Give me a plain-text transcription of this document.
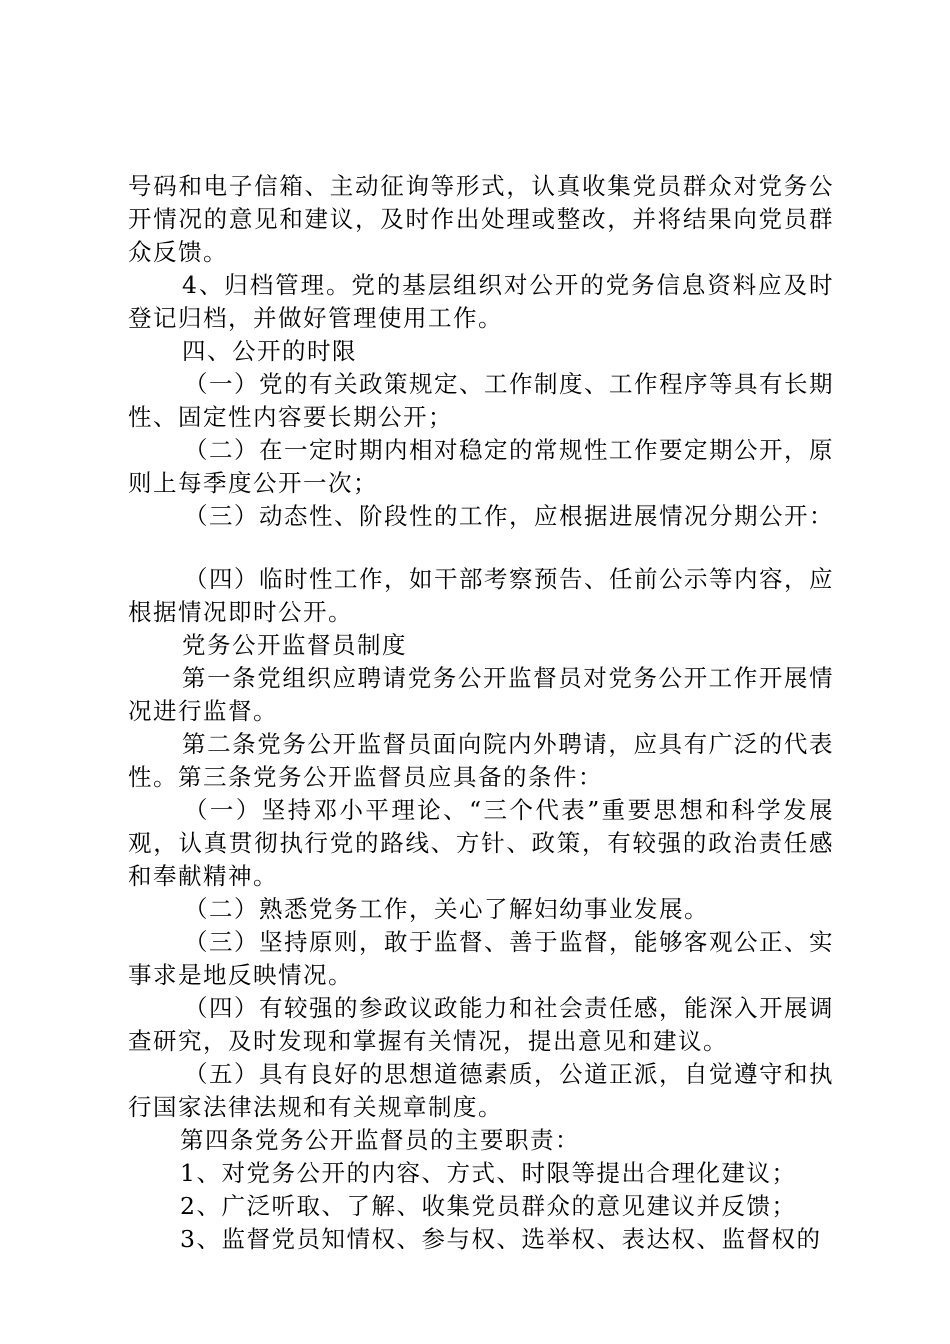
号码和电子信箱、主动征询等形式，认真收集党员群众对党务公开情况的意见和建议，及时作出处理或整改，并将结果向党员群众反馈。

4、归档管理。党的基层组织对公开的党务信息资料应及时登记归档，并做好管理使用工作。

四、公开的时限

（一）党的有关政策规定、工作制度、工作程序等具有长期性、固定性内容要长期公开；

（二）在一定时期内相对稳定的常规性工作要定期公开，原则上每季度公开一次；

（三）动态性、阶段性的工作，应根据进展情况分期公开：

（四）临时性工作，如干部考察预告、任前公示等内容，应根据情况即时公开。

党务公开监督员制度

第一条党组织应聘请党务公开监督员对党务公开工作开展情况进行监督。

第二条党务公开监督员面向院内外聘请，应具有广泛的代表性。第三条党务公开监督员应具备的条件：

（一）坚持邓小平理论、“三个代表”重要思想和科学发展观，认真贯彻执行党的路线、方针、政策，有较强的政治责任感和奉献精神。

（二）熟悉党务工作，关心了解妇幼事业发展。

（三）坚持原则，敢于监督、善于监督，能够客观公正、实事求是地反映情况。

（四）有较强的参政议政能力和社会责任感，能深入开展调查研究，及时发现和掌握有关情况，提出意见和建议。

（五）具有良好的思想道德素质，公道正派，自觉遵守和执行国家法律法规和有关规章制度。

第四条党务公开监督员的主要职责：

1、对党务公开的内容、方式、时限等提出合理化建议；

2、广泛听取、了解、收集党员群众的意见建议并反馈；

3、监督党员知情权、参与权、选举权、表达权、监督权的
